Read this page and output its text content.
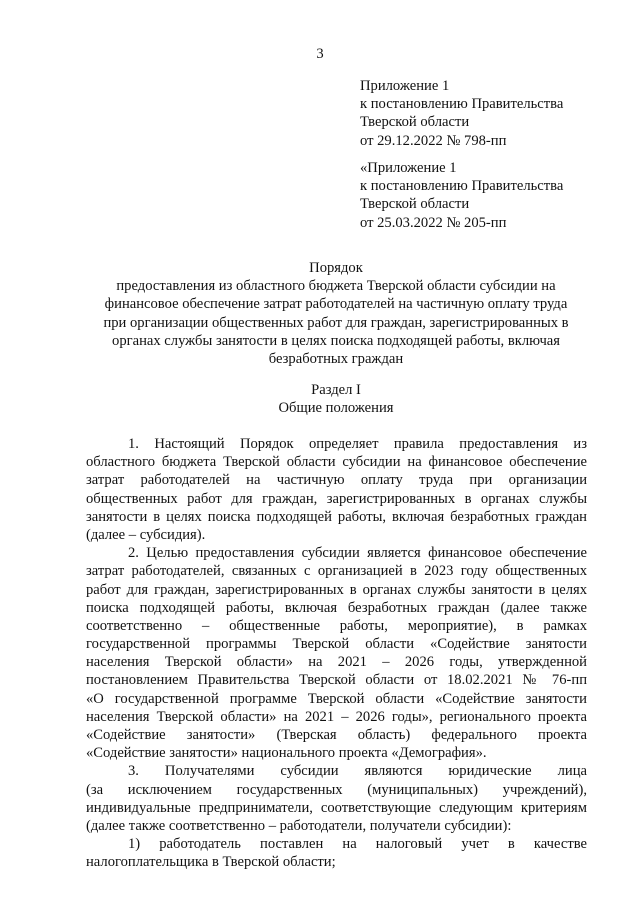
3
Приложение 1
к постановлению Правительства
Тверской области
от 29.12.2022 № 798-пп
«Приложение 1
к постановлению Правительства
Тверской области
от 25.03.2022 № 205-пп
Порядок
предоставления из областного бюджета Тверской области субсидии на
финансовое обеспечение затрат работодателей на частичную оплату труда
при организации общественных работ для граждан, зарегистрированных в
органах службы занятости в целях поиска подходящей работы, включая
безработных граждан
Раздел I
Общие положения
1. Настоящий Порядок определяет правила предоставления из
областного бюджета Тверской области субсидии на финансовое обеспечение
затрат работодателей на частичную оплату труда при организации
общественных работ для граждан, зарегистрированных в органах службы
занятости в целях поиска подходящей работы, включая безработных граждан
(далее – субсидия).
2. Целью предоставления субсидии является финансовое обеспечение
затрат работодателей, связанных с организацией в 2023 году общественных
работ для граждан, зарегистрированных в органах службы занятости в целях
поиска подходящей работы, включая безработных граждан (далее также
соответственно – общественные работы, мероприятие), в рамках
государственной программы Тверской области «Содействие занятости
населения Тверской области» на 2021 – 2026 годы, утвержденной
постановлением Правительства Тверской области от 18.02.2021 № 76-пп
«О государственной программе Тверской области «Содействие занятости
населения Тверской области» на 2021 – 2026 годы», регионального проекта
«Содействие занятости» (Тверская область) федерального проекта
«Содействие занятости» национального проекта «Демография».
3. Получателями субсидии являются юридические лица
(за исключением государственных (муниципальных) учреждений),
индивидуальные предприниматели, соответствующие следующим критериям
(далее также соответственно – работодатели, получатели субсидии):
1) работодатель поставлен на налоговый учет в качестве
налогоплательщика в Тверской области;
